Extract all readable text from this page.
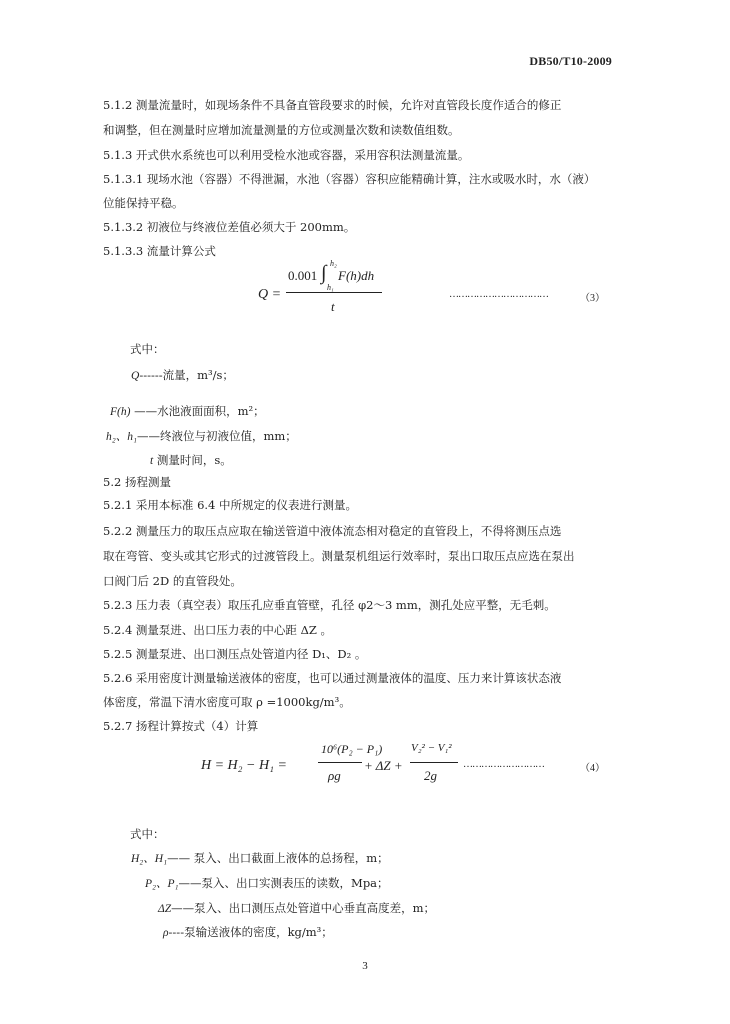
DB50/T10-2009
5.1.2 测量流量时，如现场条件不具备直管段要求的时候，允许对直管段长度作适合的修正
和调整，但在测量时应增加流量测量的方位或测量次数和读数值组数。
5.1.3 开式供水系统也可以利用受检水池或容器，采用容积法测量流量。
5.1.3.1 现场水池（容器）不得泄漏，水池（容器）容积应能精确计算，注水或吸水时，水（液）
位能保持平稳。
5.1.3.2 初液位与终液位差值必须大于 200mm。
5.1.3.3 流量计算公式
Q =
0.001 ∫ h₂
h₁
F(h)dh
t
……………………………	（3）
式中：
Q------流量，m³/s；
F(h) ——水池液面面积，m²；
h₂、h₁——终液位与初液位值，mm；
t 测量时间，s。
5.2 扬程测量
5.2.1 采用本标准 6.4 中所规定的仪表进行测量。
5.2.2 测量压力的取压点应取在输送管道中液体流态相对稳定的直管段上，不得将测压点选
取在弯管、变头或其它形式的过渡管段上。测量泵机组运行效率时，泵出口取压点应选在泵出
口阀门后 2D 的直管段处。
5.2.3 压力表（真空表）取压孔应垂直管壁，孔径 φ2～3 mm，测孔处应平整，无毛刺。
5.2.4 测量泵进、出口压力表的中心距 ΔZ 。
5.2.5 测量泵进、出口测压点处管道内径 D₁、D₂ 。
5.2.6 采用密度计测量输送液体的密度，也可以通过测量液体的温度、压力来计算该状态液
体密度，常温下清水密度可取 ρ =1000kg/m³。
5.2.7 扬程计算按式（4）计算
H = H₂ − H₁ =
10⁶(P₂ − P₁)
ρg
+ ΔZ +
V₂² − V₁²
2g
………………………	（4）
式中：
H₂、H₁—— 泵入、出口截面上液体的总扬程，m；
P₂、P₁——泵入、出口实测表压的读数，Mpa；
ΔZ——泵入、出口测压点处管道中心垂直高度差，m；
ρ----泵输送液体的密度，kg/m³；
3
